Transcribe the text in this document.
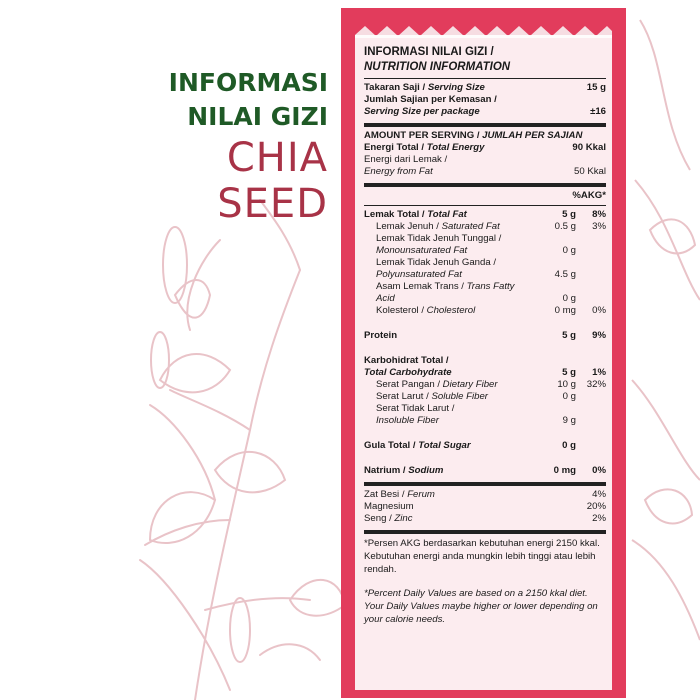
INFORMASI
NILAI GIZI
CHIA
SEED
INFORMASI NILAI GIZI /
NUTRITION INFORMATION
Takaran Saji / Serving Size	15 g
Jumlah Sajian per Kemasan /
Serving Size per package	±16
AMOUNT PER SERVING / JUMLAH PER SAJIAN
Energi Total / Total Energy	90 Kkal
Energi dari Lemak /
Energy from Fat	50 Kkal
%AKG*
Lemak Total / Total Fat	5 g 8%
Lemak Jenuh / Saturated Fat	0.5 g 3%
Lemak Tidak Jenuh Tunggal /
Monounsaturated Fat	0 g
Lemak Tidak Jenuh Ganda /
Polyunsaturated Fat	4.5 g
Asam Lemak Trans / Trans Fatty
Acid	0 g
Kolesterol / Cholesterol	0 mg 0%
Protein	5 g 9%
Karbohidrat Total /
Total Carbohydrate	5 g 1%
Serat Pangan / Dietary Fiber	10 g 32%
Serat Larut / Soluble Fiber	0 g
Serat Tidak Larut /
Insoluble Fiber	9 g
Gula Total / Total Sugar	0 g
Natrium / Sodium	0 mg 0%
Zat Besi / Ferum	4%
Magnesium	20%
Seng / Zinc	2%
*Persen AKG berdasarkan kebutuhan energi 2150 kkal. Kebutuhan energi anda mungkin lebih tinggi atau lebih rendah.
*Percent Daily Values are based on a 2150 kkal diet. Your Daily Values maybe higher or lower depending on your calorie needs.
